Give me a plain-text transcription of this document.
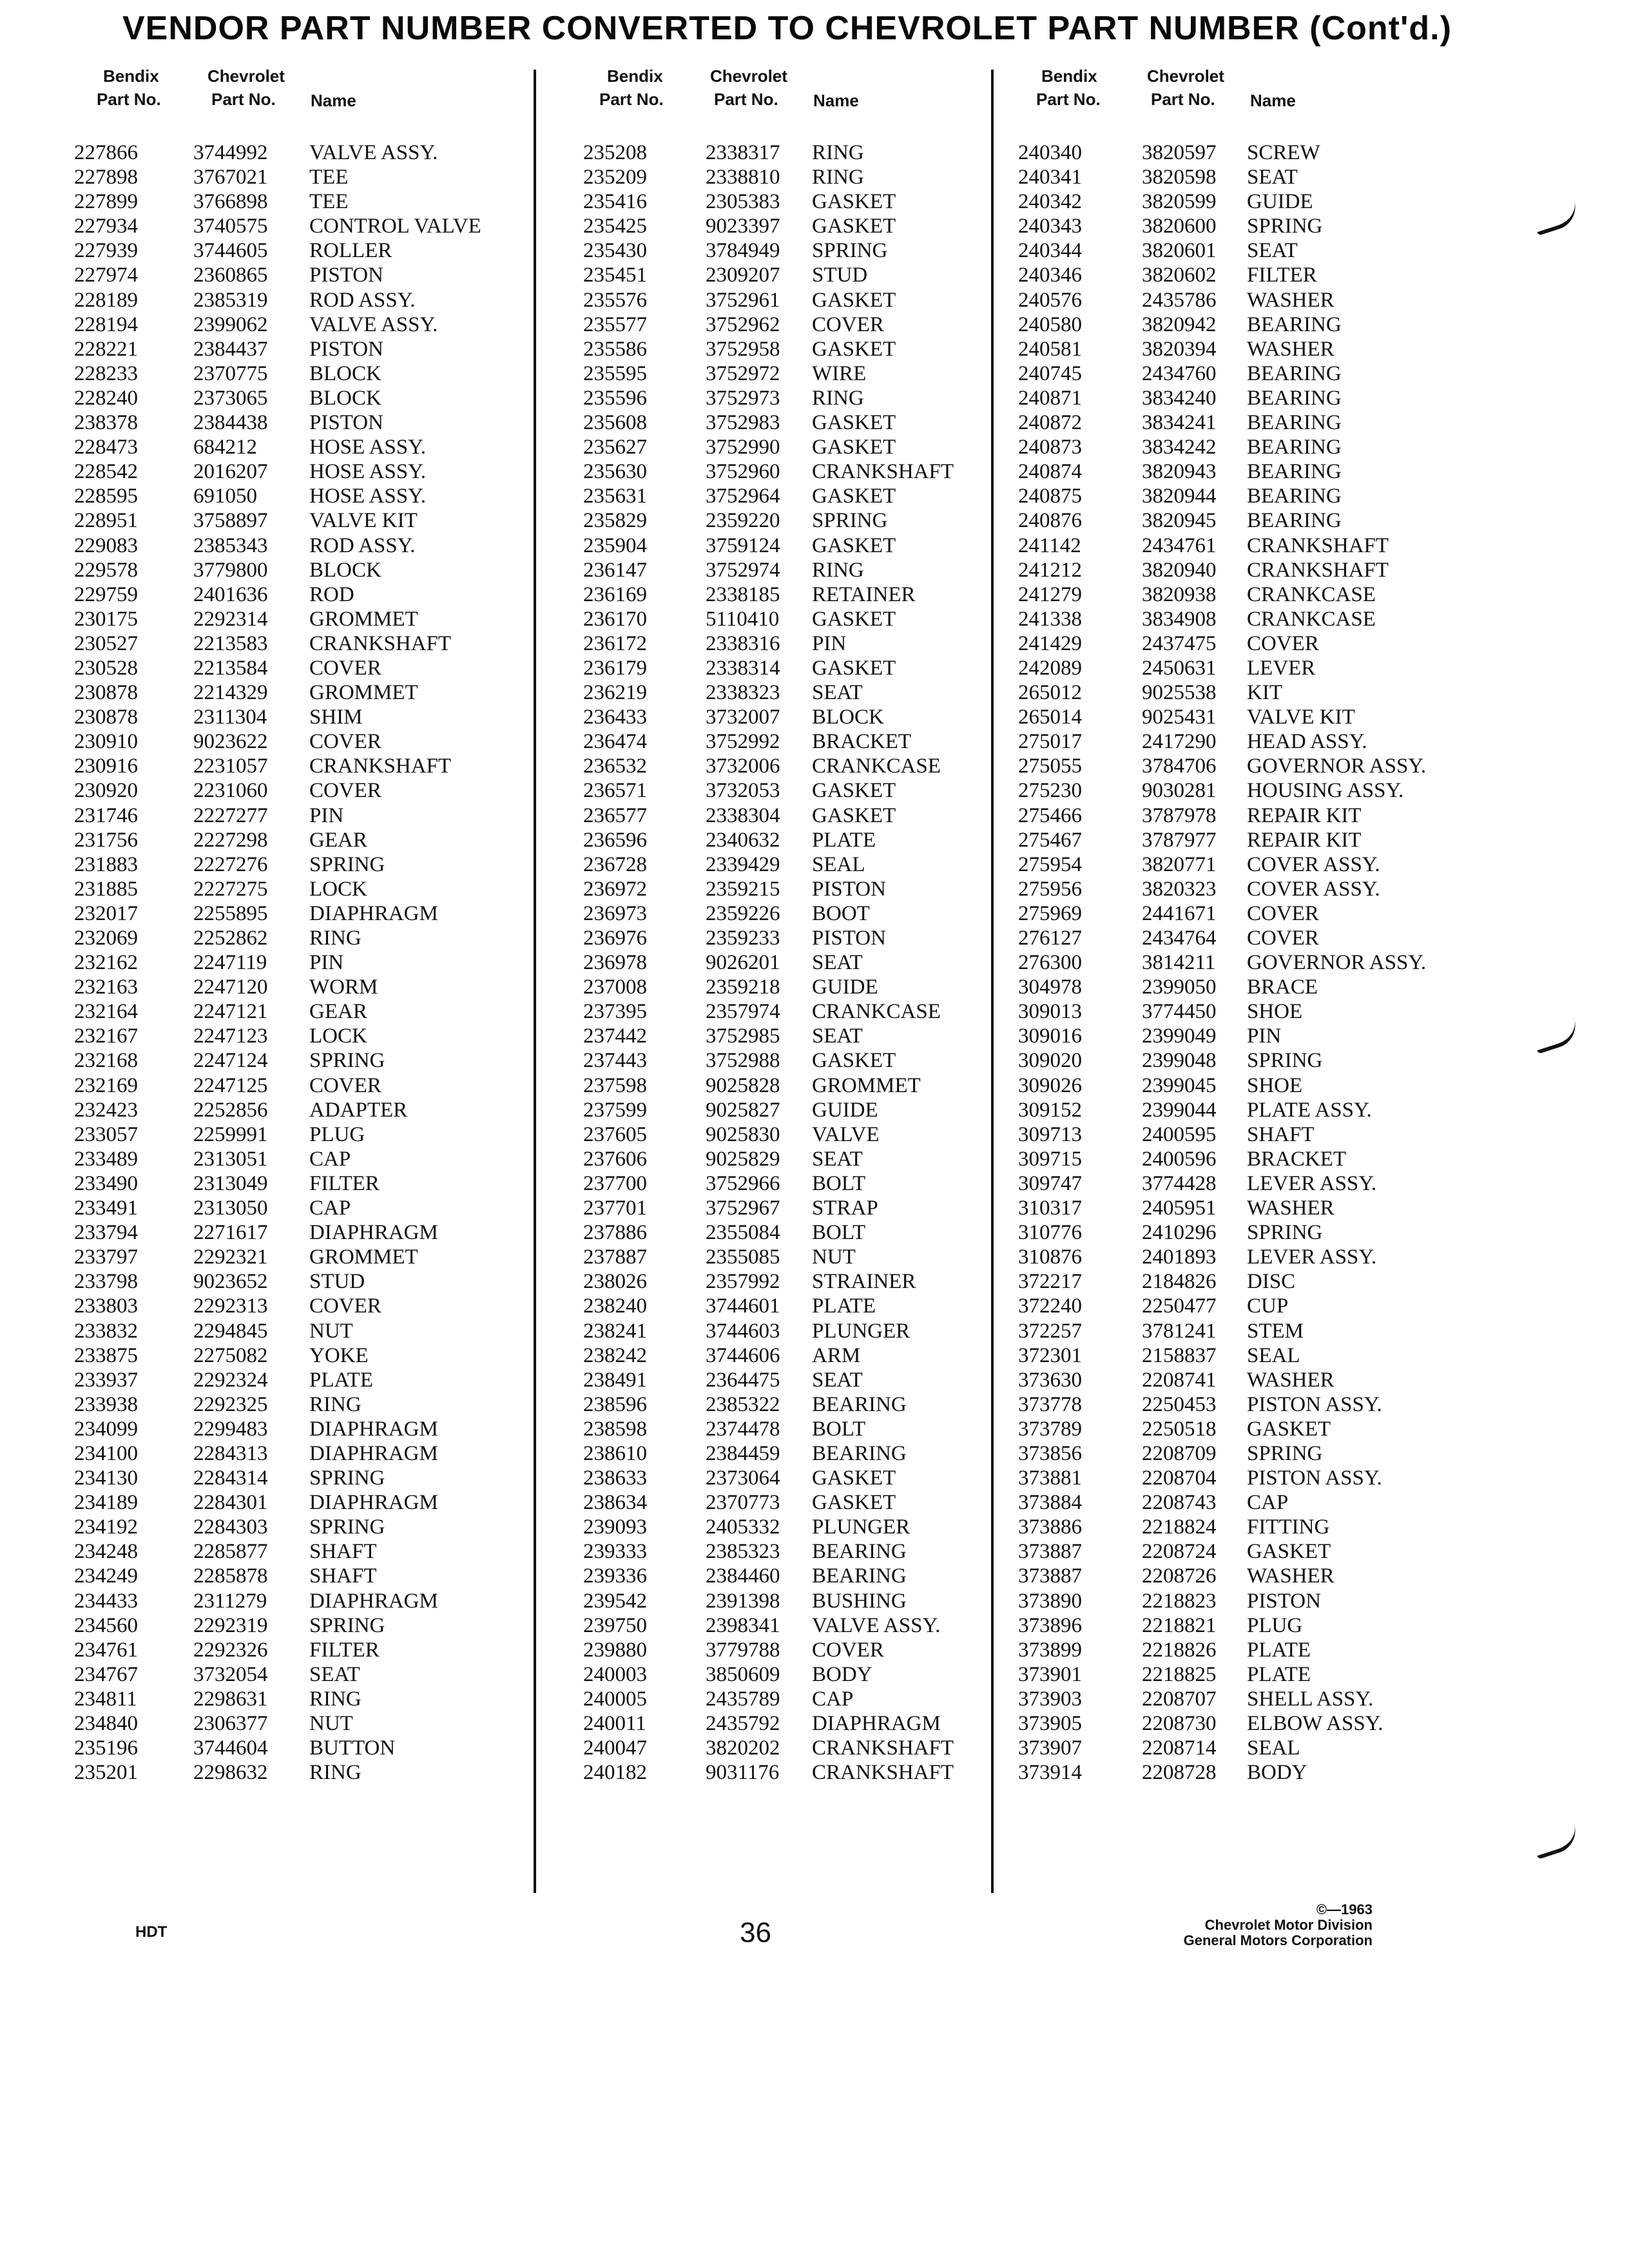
VENDOR PART NUMBER CONVERTED TO CHEVROLET PART NUMBER (Cont'd.)
Bendix
Part No.
Chevrolet
Part No. Name
227866	3744992 VALVE ASSY.
227898	3767021 TEE
227899	3766898 TEE
227934	3740575 CONTROL VALVE
227939	3744605 ROLLER
227974	2360865 PISTON
228189	2385319 ROD ASSY.
228194	2399062 VALVE ASSY.
228221	2384437 PISTON
228233	2370775 BLOCK
228240	2373065 BLOCK
238378	2384438 PISTON
228473	684212 HOSE ASSY.
228542	2016207 HOSE ASSY.
228595	691050 HOSE ASSY.
228951	3758897 VALVE KIT
229083	2385343 ROD ASSY.
229578	3779800 BLOCK
229759	2401636 ROD
230175	2292314 GROMMET
230527	2213583 CRANKSHAFT
230528	2213584 COVER
230878	2214329 GROMMET
230878	2311304 SHIM
230910	9023622 COVER
230916	2231057 CRANKSHAFT
230920	2231060 COVER
231746	2227277 PIN
231756	2227298 GEAR
231883	2227276 SPRING
231885	2227275 LOCK
232017	2255895 DIAPHRAGM
232069	2252862 RING
232162	2247119 PIN
232163	2247120 WORM
232164	2247121 GEAR
232167	2247123 LOCK
232168	2247124 SPRING
232169	2247125 COVER
232423	2252856 ADAPTER
233057	2259991 PLUG
233489	2313051 CAP
233490	2313049 FILTER
233491	2313050 CAP
233794	2271617 DIAPHRAGM
233797	2292321 GROMMET
233798	9023652 STUD
233803	2292313 COVER
233832	2294845 NUT
233875	2275082 YOKE
233937	2292324 PLATE
233938	2292325 RING
234099	2299483 DIAPHRAGM
234100	2284313 DIAPHRAGM
234130	2284314 SPRING
234189	2284301 DIAPHRAGM
234192	2284303 SPRING
234248	2285877 SHAFT
234249	2285878 SHAFT
234433	2311279 DIAPHRAGM
234560	2292319 SPRING
234761	2292326 FILTER
234767	3732054 SEAT
234811	2298631 RING
234840	2306377 NUT
235196	3744604 BUTTON
235201	2298632 RING
Bendix
Part No.
Chevrolet
Part No. Name
235208	2338317 RING
235209	2338810 RING
235416	2305383 GASKET
235425	9023397 GASKET
235430	3784949 SPRING
235451	2309207 STUD
235576	3752961 GASKET
235577	3752962 COVER
235586	3752958 GASKET
235595	3752972 WIRE
235596	3752973 RING
235608	3752983 GASKET
235627	3752990 GASKET
235630	3752960 CRANKSHAFT
235631	3752964 GASKET
235829	2359220 SPRING
235904	3759124 GASKET
236147	3752974 RING
236169	2338185 RETAINER
236170	5110410 GASKET
236172	2338316 PIN
236179	2338314 GASKET
236219	2338323 SEAT
236433	3732007 BLOCK
236474	3752992 BRACKET
236532	3732006 CRANKCASE
236571	3732053 GASKET
236577	2338304 GASKET
236596	2340632 PLATE
236728	2339429 SEAL
236972	2359215 PISTON
236973	2359226 BOOT
236976	2359233 PISTON
236978	9026201 SEAT
237008	2359218 GUIDE
237395	2357974 CRANKCASE
237442	3752985 SEAT
237443	3752988 GASKET
237598	9025828 GROMMET
237599	9025827 GUIDE
237605	9025830 VALVE
237606	9025829 SEAT
237700	3752966 BOLT
237701	3752967 STRAP
237886	2355084 BOLT
237887	2355085 NUT
238026	2357992 STRAINER
238240	3744601 PLATE
238241	3744603 PLUNGER
238242	3744606 ARM
238491	2364475 SEAT
238596	2385322 BEARING
238598	2374478 BOLT
238610	2384459 BEARING
238633	2373064 GASKET
238634	2370773 GASKET
239093	2405332 PLUNGER
239333	2385323 BEARING
239336	2384460 BEARING
239542	2391398 BUSHING
239750	2398341 VALVE ASSY.
239880	3779788 COVER
240003	3850609 BODY
240005	2435789 CAP
240011	2435792 DIAPHRAGM
240047	3820202 CRANKSHAFT
240182	9031176 CRANKSHAFT
Bendix
Part No.
Chevrolet
Part No. Name
240340	3820597 SCREW
240341	3820598 SEAT
240342	3820599 GUIDE
240343	3820600 SPRING
240344	3820601 SEAT
240346	3820602 FILTER
240576	2435786 WASHER
240580	3820942 BEARING
240581	3820394 WASHER
240745	2434760 BEARING
240871	3834240 BEARING
240872	3834241 BEARING
240873	3834242 BEARING
240874	3820943 BEARING
240875	3820944 BEARING
240876	3820945 BEARING
241142	2434761 CRANKSHAFT
241212	3820940 CRANKSHAFT
241279	3820938 CRANKCASE
241338	3834908 CRANKCASE
241429	2437475 COVER
242089	2450631 LEVER
265012	9025538 KIT
265014	9025431 VALVE KIT
275017	2417290 HEAD ASSY.
275055	3784706 GOVERNOR ASSY.
275230	9030281 HOUSING ASSY.
275466	3787978 REPAIR KIT
275467	3787977 REPAIR KIT
275954	3820771 COVER ASSY.
275956	3820323 COVER ASSY.
275969	2441671 COVER
276127	2434764 COVER
276300	3814211 GOVERNOR ASSY.
304978	2399050 BRACE
309013	3774450 SHOE
309016	2399049 PIN
309020	2399048 SPRING
309026	2399045 SHOE
309152	2399044 PLATE ASSY.
309713	2400595 SHAFT
309715	2400596 BRACKET
309747	3774428 LEVER ASSY.
310317	2405951 WASHER
310776	2410296 SPRING
310876	2401893 LEVER ASSY.
372217	2184826 DISC
372240	2250477 CUP
372257	3781241 STEM
372301	2158837 SEAL
373630	2208741 WASHER
373778	2250453 PISTON ASSY.
373789	2250518 GASKET
373856	2208709 SPRING
373881	2208704 PISTON ASSY.
373884	2208743 CAP
373886	2218824 FITTING
373887	2208724 GASKET
373887	2208726 WASHER
373890	2218823 PISTON
373896	2218821 PLUG
373899	2218826 PLATE
373901	2218825 PLATE
373903	2208707 SHELL ASSY.
373905	2208730 ELBOW ASSY.
373907	2208714 SEAL
373914	2208728 BODY
HDT	36
©—1963
Chevrolet Motor Division
General Motors Corporation
